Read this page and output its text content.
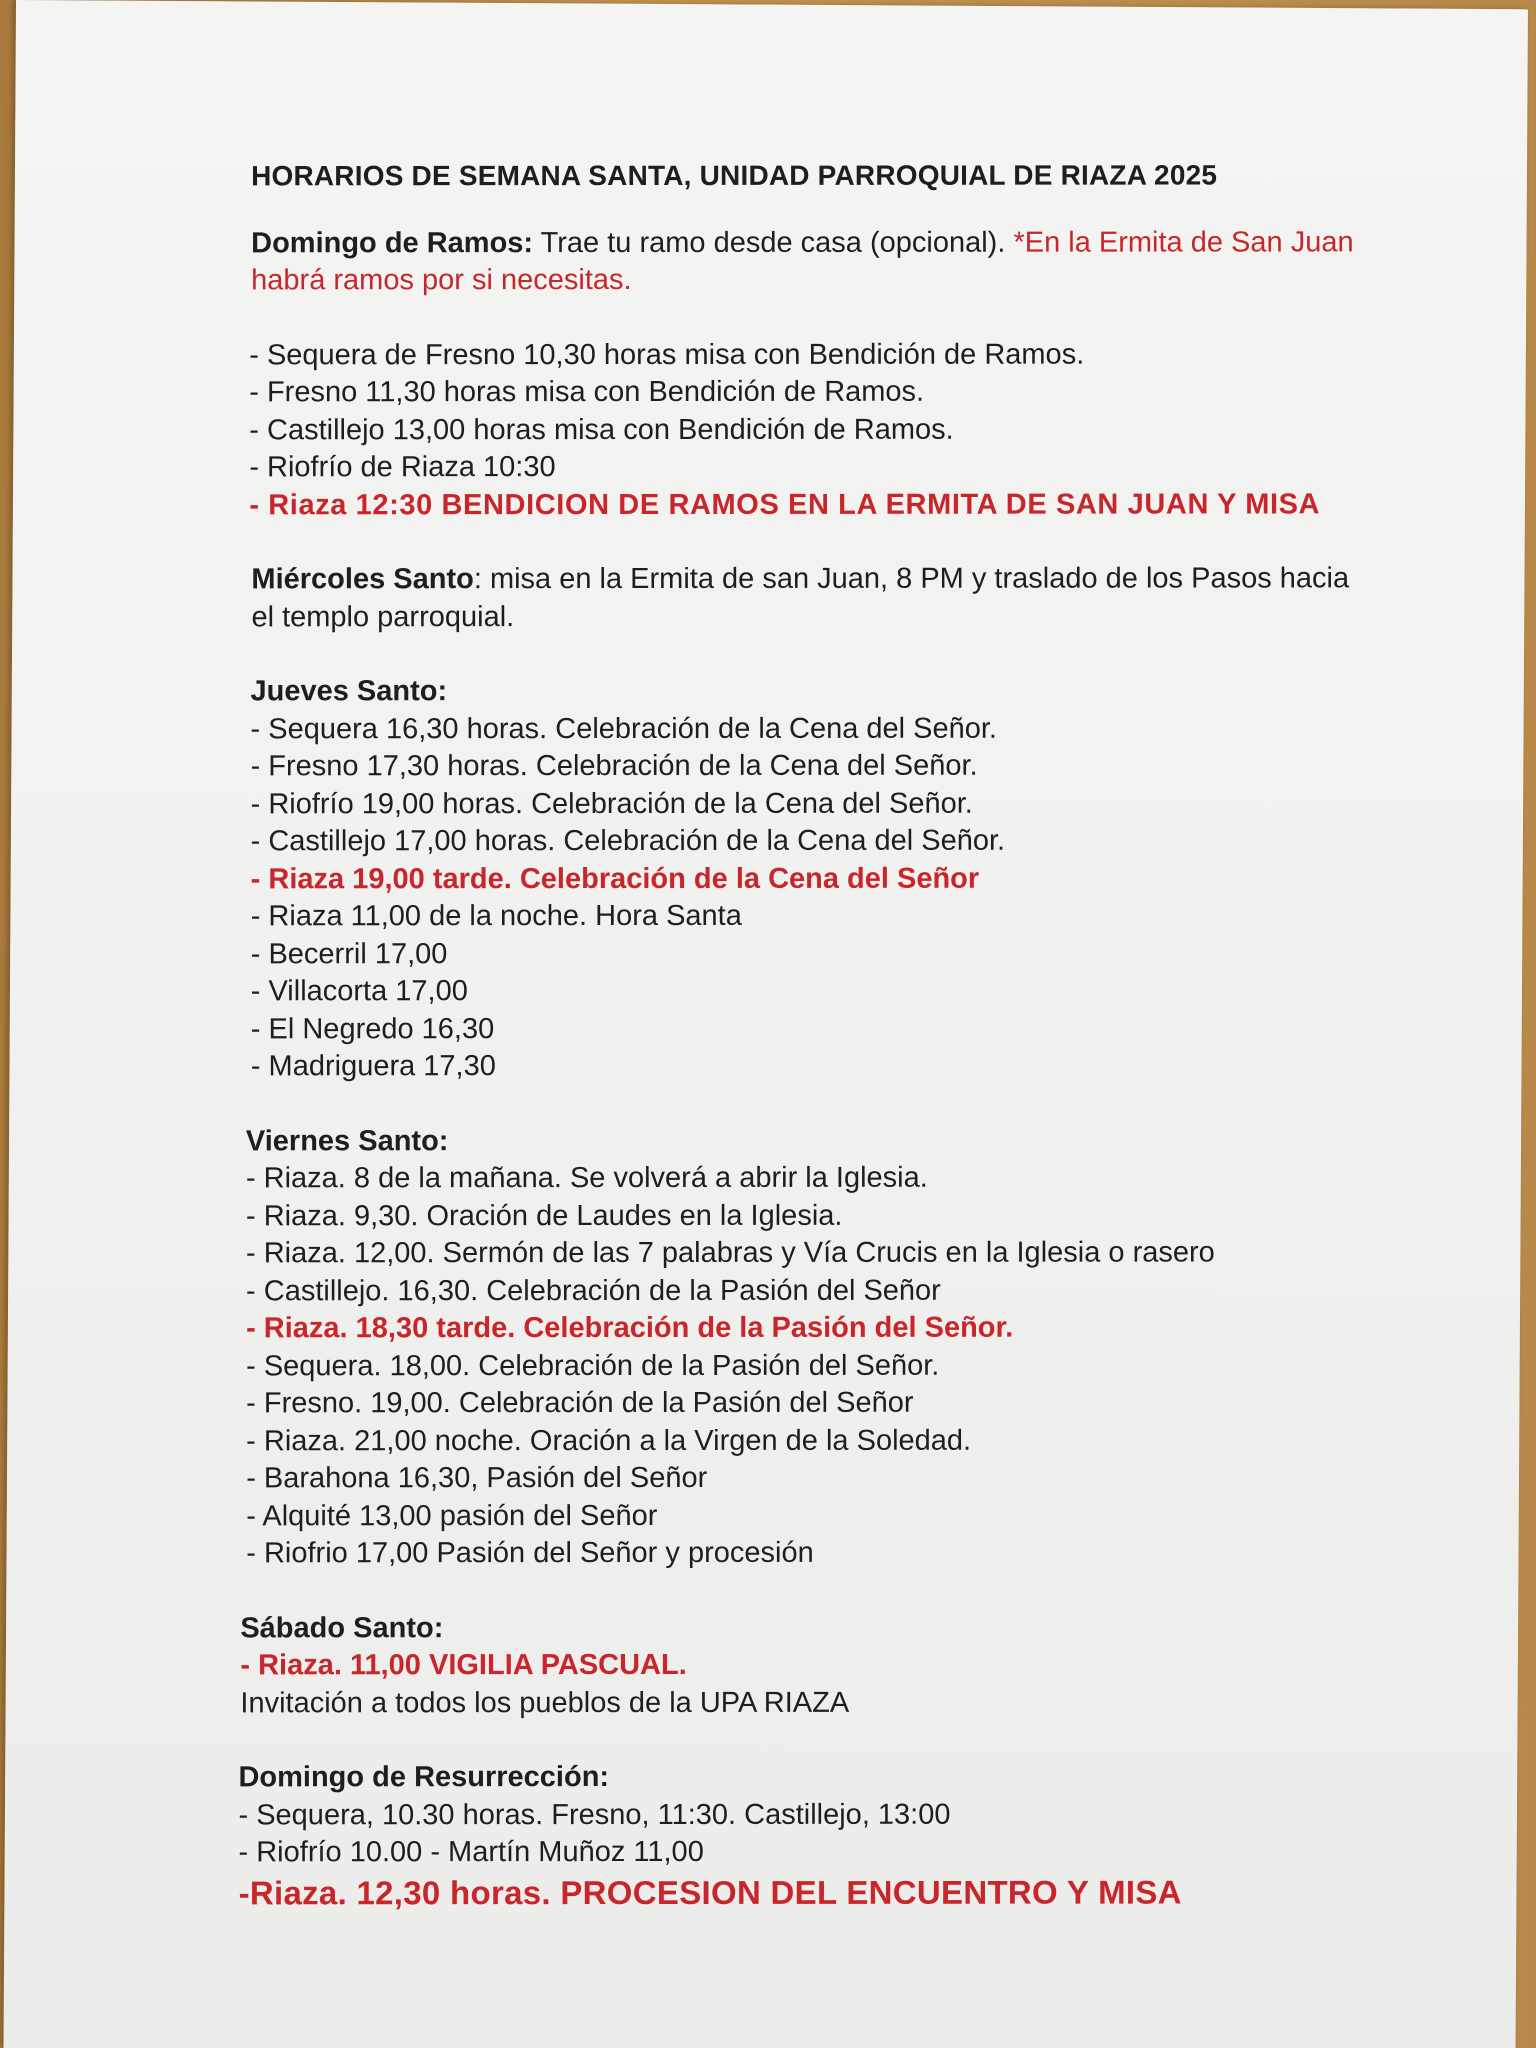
HORARIOS DE SEMANA SANTA, UNIDAD PARROQUIAL DE RIAZA 2025
Domingo de Ramos: Trae tu ramo desde casa (opcional). *En la Ermita de San Juan habrá ramos por si necesitas.
- Sequera de Fresno 10,30 horas misa con Bendición de Ramos.
- Fresno 11,30 horas misa con Bendición de Ramos.
- Castillejo 13,00 horas misa con Bendición de Ramos.
- Riofrío de Riaza 10:30
- Riaza 12:30 BENDICION DE RAMOS EN LA ERMITA DE SAN JUAN Y MISA
Miércoles Santo: misa en la Ermita de san Juan, 8 PM y traslado de los Pasos hacia el templo parroquial.
Jueves Santo:
- Sequera 16,30 horas. Celebración de la Cena del Señor.
- Fresno 17,30 horas. Celebración de la Cena del Señor.
- Riofrío 19,00 horas. Celebración de la Cena del Señor.
- Castillejo 17,00 horas. Celebración de la Cena del Señor.
- Riaza 19,00 tarde. Celebración de la Cena del Señor
- Riaza 11,00 de la noche. Hora Santa
- Becerril 17,00
- Villacorta 17,00
- El Negredo 16,30
- Madriguera 17,30
Viernes Santo:
- Riaza. 8 de la mañana. Se volverá a abrir la Iglesia.
- Riaza. 9,30. Oración de Laudes en la Iglesia.
- Riaza. 12,00. Sermón de las 7 palabras y Vía Crucis en la Iglesia o rasero
- Castillejo. 16,30. Celebración de la Pasión del Señor
- Riaza. 18,30 tarde. Celebración de la Pasión del Señor.
- Sequera. 18,00. Celebración de la Pasión del Señor.
- Fresno. 19,00. Celebración de la Pasión del Señor
- Riaza. 21,00 noche. Oración a la Virgen de la Soledad.
- Barahona 16,30, Pasión del Señor
- Alquité 13,00 pasión del Señor
- Riofrio 17,00 Pasión del Señor y procesión
Sábado Santo:
- Riaza. 11,00 VIGILIA PASCUAL.
Invitación a todos los pueblos de la UPA RIAZA
Domingo de Resurrección:
- Sequera, 10.30 horas. Fresno, 11:30. Castillejo, 13:00
- Riofrío 10.00 - Martín Muñoz 11,00
-Riaza. 12,30 horas. PROCESION DEL ENCUENTRO Y MISA
